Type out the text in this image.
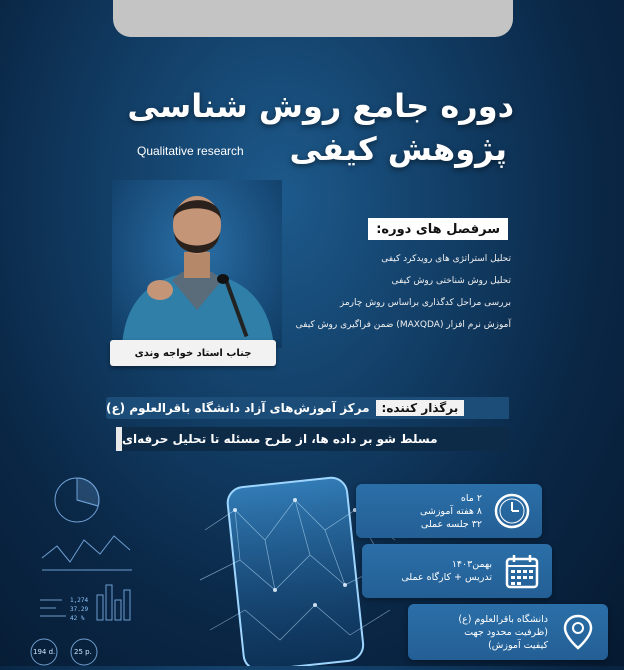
دوره جامع روش شناسی
پژوهش کیفی
Qualitative research
جناب استاد خواجه وندی
سرفصل های دوره:
تحلیل استراتژی های رویدکرد کیفی
تحلیل روش شناختی روش کیفی
بررسی مراحل کدگذاری براساس روش چارمز
آموزش نرم افزار (MAXQDA) ضمن فراگیری روش کیفی
برگذار کننده:
مرکز آموزش‌های آزاد دانشگاه باقرالعلوم (ع)
مسلط شو بر داده ها، از طرح مسئله تا تحلیل حرفه‌ای
1,274
37.29
42 %
194 d.	25 p.
۲ ماه
۸ هفته آموزشی
۳۲ جلسه عملی
بهمن۱۴۰۳
تدریس + کارگاه عملی
دانشگاه باقرالعلوم (ع)
(ظرفیت محدود جهت
کیفیت آموزش)
